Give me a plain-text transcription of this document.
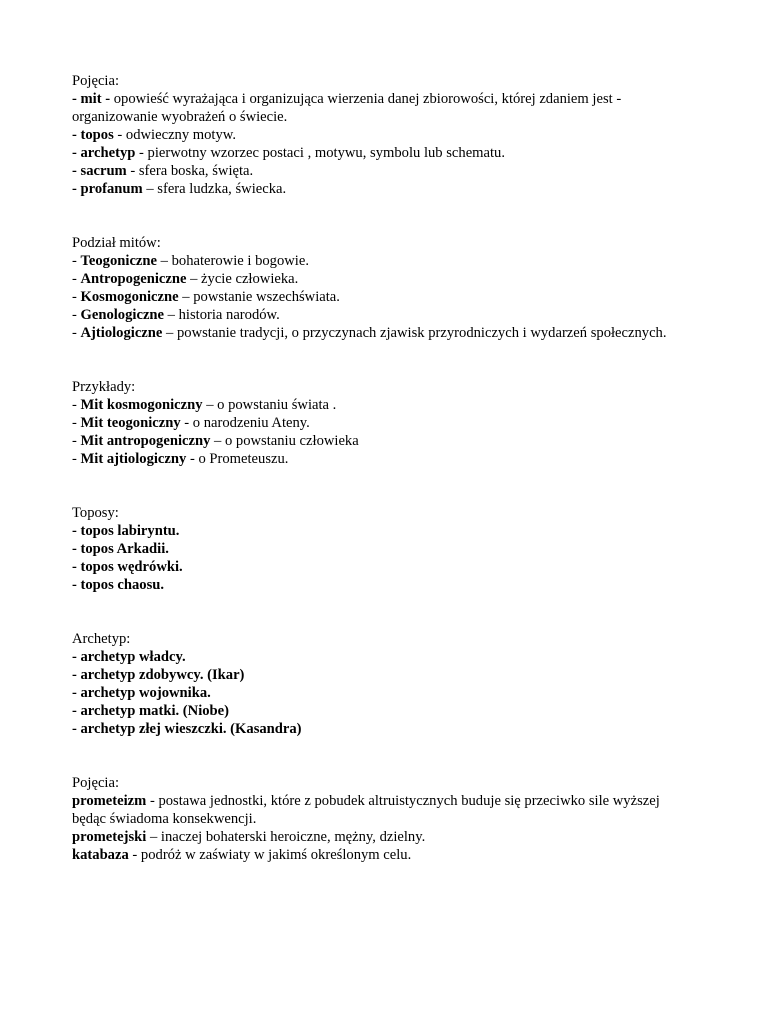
Pojęcia:
- mit - opowieść wyrażająca i organizująca wierzenia danej zbiorowości, której zdaniem jest -
organizowanie wyobrażeń o świecie.
- topos - odwieczny motyw.
- archetyp - pierwotny wzorzec postaci , motywu, symbolu lub schematu.
- sacrum - sfera boska, święta.
- profanum – sfera ludzka, świecka.
Podział mitów:
- Teogoniczne – bohaterowie i bogowie.
- Antropogeniczne – życie człowieka.
- Kosmogoniczne – powstanie wszechświata.
- Genologiczne – historia narodów.
- Ajtiologiczne – powstanie tradycji, o przyczynach zjawisk przyrodniczych i wydarzeń społecznych.
Przykłady:
- Mit kosmogoniczny – o powstaniu świata .
- Mit teogoniczny - o narodzeniu Ateny.
- Mit antropogeniczny – o powstaniu człowieka
- Mit ajtiologiczny - o Prometeuszu.
Toposy:
- topos labiryntu.
- topos Arkadii.
- topos wędrówki.
- topos chaosu.
Archetyp:
- archetyp władcy.
- archetyp zdobywcy. (Ikar)
- archetyp wojownika.
- archetyp matki. (Niobe)
- archetyp złej wieszczki. (Kasandra)
Pojęcia:
prometeizm - postawa jednostki, które z pobudek altruistycznych buduje się przeciwko sile wyższej
będąc świadoma konsekwencji.
prometejski – inaczej bohaterski heroiczne, mężny, dzielny.
katabaza - podróż w zaświaty w jakimś określonym celu.
